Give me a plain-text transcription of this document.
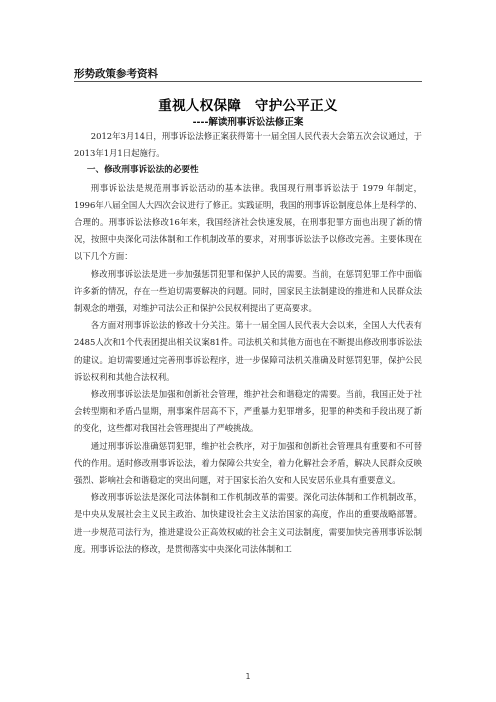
形势政策参考资料
重视人权保障　守护公平正义
----解读刑事诉讼法修正案

2012年3月14日，刑事诉讼法修正案获得第十一届全国人民代表大会第五次会议通过，于2013年1月1日起施行。

一、修改刑事诉讼法的必要性

刑事诉讼法是规范刑事诉讼活动的基本法律。我国现行刑事诉讼法于 1979 年制定，1996年八届全国人大四次会议进行了修正。实践证明，我国的刑事诉讼制度总体上是科学的、合理的。刑事诉讼法修改16年来，我国经济社会快速发展，在刑事犯罪方面也出现了新的情况，按照中央深化司法体制和工作机制改革的要求，对刑事诉讼法予以修改完善。主要体现在以下几个方面：

修改刑事诉讼法是进一步加强惩罚犯罪和保护人民的需要。当前，在惩罚犯罪工作中面临许多新的情况，存在一些迫切需要解决的问题。同时，国家民主法制建设的推进和人民群众法制观念的增强，对维护司法公正和保护公民权利提出了更高要求。

各方面对刑事诉讼法的修改十分关注。第十一届全国人民代表大会以来，全国人大代表有2485人次和1个代表团提出相关议案81件。司法机关和其他方面也在不断提出修改刑事诉讼法的建议。迫切需要通过完善刑事诉讼程序，进一步保障司法机关准确及时惩罚犯罪，保护公民诉讼权利和其他合法权利。

修改刑事诉讼法是加强和创新社会管理，维护社会和谐稳定的需要。当前，我国正处于社会转型期和矛盾凸显期，刑事案件居高不下，严重暴力犯罪增多，犯罪的种类和手段出现了新的变化，这些都对我国社会管理提出了严峻挑战。

通过刑事诉讼准确惩罚犯罪，维护社会秩序，对于加强和创新社会管理具有重要和不可替代的作用。适时修改刑事诉讼法，着力保障公共安全，着力化解社会矛盾，解决人民群众反映强烈、影响社会和谐稳定的突出问题，对于国家长治久安和人民安居乐业具有重要意义。

修改刑事诉讼法是深化司法体制和工作机制改革的需要。深化司法体制和工作机制改革，是中央从发展社会主义民主政治、加快建设社会主义法治国家的高度，作出的重要战略部署。进一步规范司法行为，推进建设公正高效权威的社会主义司法制度，需要加快完善刑事诉讼制度。刑事诉讼法的修改，是贯彻落实中央深化司法体制和工

1
